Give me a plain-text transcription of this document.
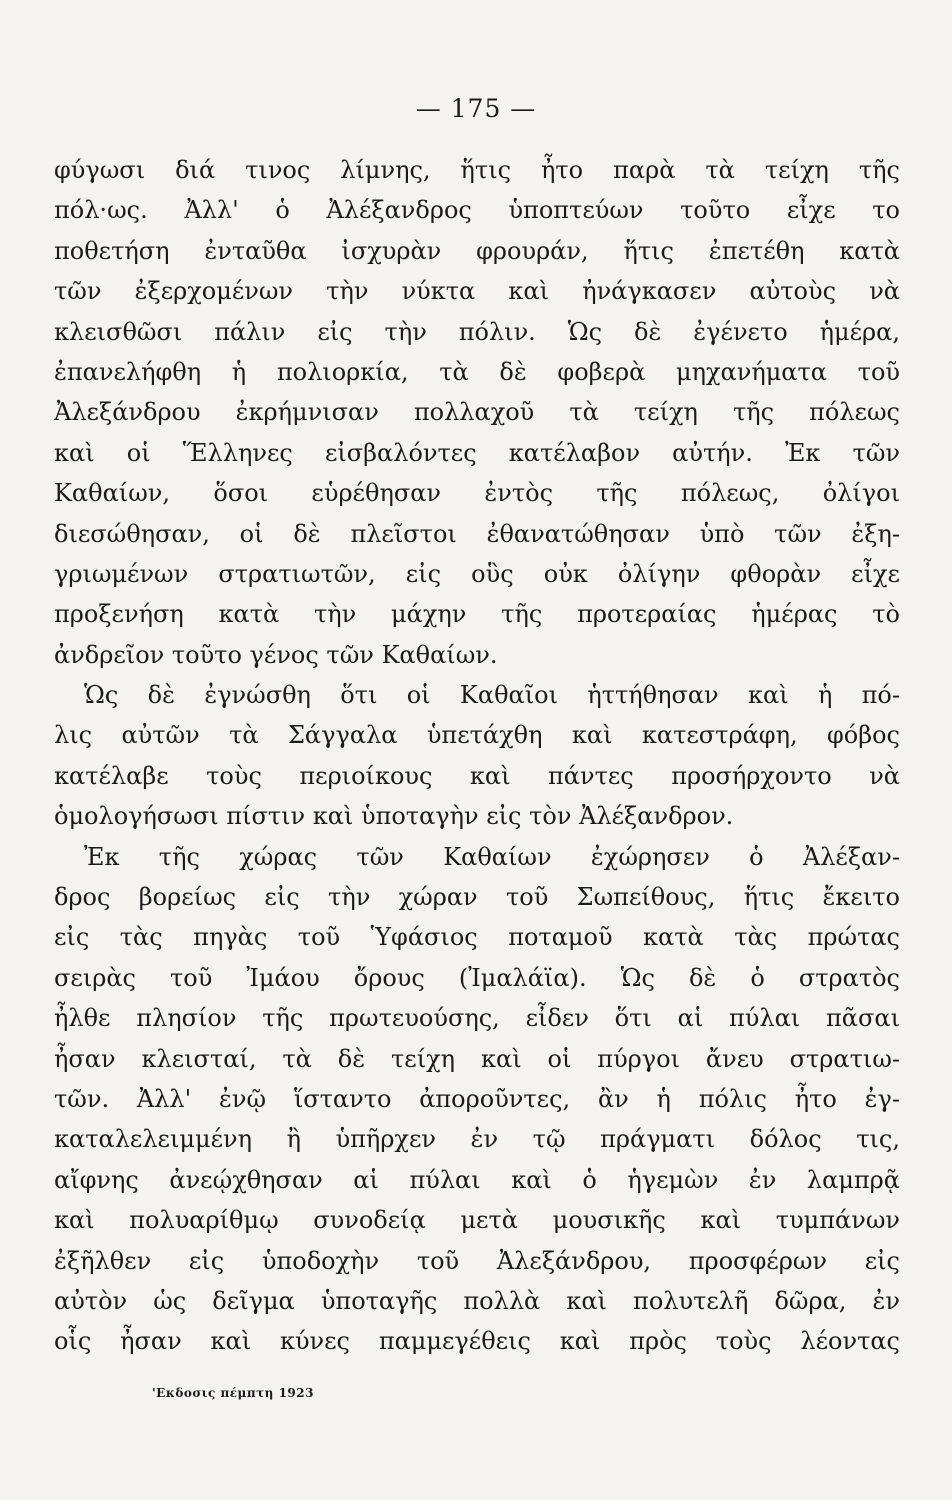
— 175 —
φύγωσι διά τινος λίμνης, ἥτις ἦτο παρὰ τὰ τείχη τῆς
πόλ·ως. Ἀλλ' ὁ Ἀλέξανδρος ὑποπτεύων τοῦτο εἶχε το
ποθετήση ἐνταῦθα ἰσχυρὰν φρουράν, ἥτις ἐπετέθη κατὰ
τῶν ἐξερχομένων τὴν νύκτα καὶ ἠνάγκασεν αὐτοὺς νὰ
κλεισθῶσι πάλιν εἰς τὴν πόλιν. Ὡς δὲ ἐγένετο ἡμέρα,
ἐπανελήφθη ἡ πολιορκία, τὰ δὲ φοβερὰ μηχανήματα τοῦ
Ἀλεξάνδρου ἐκρήμνισαν πολλαχοῦ τὰ τείχη τῆς πόλεως
καὶ οἱ Ἕλληνες εἰσβαλόντες κατέλαβον αὐτήν. Ἐκ τῶν
Καθαίων, ὅσοι εὑρέθησαν ἐντὸς τῆς πόλεως, ὀλίγοι
διεσώθησαν, οἱ δὲ πλεῖστοι ἐθανατώθησαν ὑπὸ τῶν ἐξη-
γριωμένων στρατιωτῶν, εἰς οὓς οὐκ ὀλίγην φθορὰν εἶχε
προξενήση κατὰ τὴν μάχην τῆς προτεραίας ἡμέρας τὸ
ἀνδρεῖον τοῦτο γένος τῶν Καθαίων.
Ὡς δὲ ἐγνώσθη ὅτι οἱ Καθαῖοι ἡττήθησαν καὶ ἡ πό-
λις αὐτῶν τὰ Σάγγαλα ὑπετάχθη καὶ κατεστράφη, φόβος
κατέλαβε τοὺς περιοίκους καὶ πάντες προσήρχοντο νὰ
ὁμολογήσωσι πίστιν καὶ ὑποταγὴν εἰς τὸν Ἀλέξανδρον.
Ἐκ τῆς χώρας τῶν Καθαίων ἐχώρησεν ὁ Ἀλέξαν-
δρος βορείως εἰς τὴν χώραν τοῦ Σωπείθους, ἥτις ἔκειτο
εἰς τὰς πηγὰς τοῦ Ὑφάσιος ποταμοῦ κατὰ τὰς πρώτας
σειρὰς τοῦ Ἰμάου ὄρους (Ἰμαλάϊα). Ὡς δὲ ὁ στρατὸς
ἦλθε πλησίον τῆς πρωτευούσης, εἶδεν ὅτι αἱ πύλαι πᾶσαι
ἦσαν κλεισταί, τὰ δὲ τείχη καὶ οἱ πύργοι ἄνευ στρατιω-
τῶν. Ἀλλ' ἐνῷ ἵσταντο ἀποροῦντες, ἂν ἡ πόλις ἦτο ἐγ-
καταλελειμμένη ἢ ὑπῆρχεν ἐν τῷ πράγματι δόλος τις,
αἴφνης ἀνεῴχθησαν αἱ πύλαι καὶ ὁ ἡγεμὼν ἐν λαμπρᾷ
καὶ πολυαρίθμῳ συνοδείᾳ μετὰ μουσικῆς καὶ τυμπάνων
ἐξῆλθεν εἰς ὑποδοχὴν τοῦ Ἀλεξάνδρου, προσφέρων εἰς
αὐτὸν ὡς δεῖγμα ὑποταγῆς πολλὰ καὶ πολυτελῆ δῶρα, ἐν
οἷς ἦσαν καὶ κύνες παμμεγέθεις καὶ πρὸς τοὺς λέοντας
'Εκδοσις πέμπτη 1923
